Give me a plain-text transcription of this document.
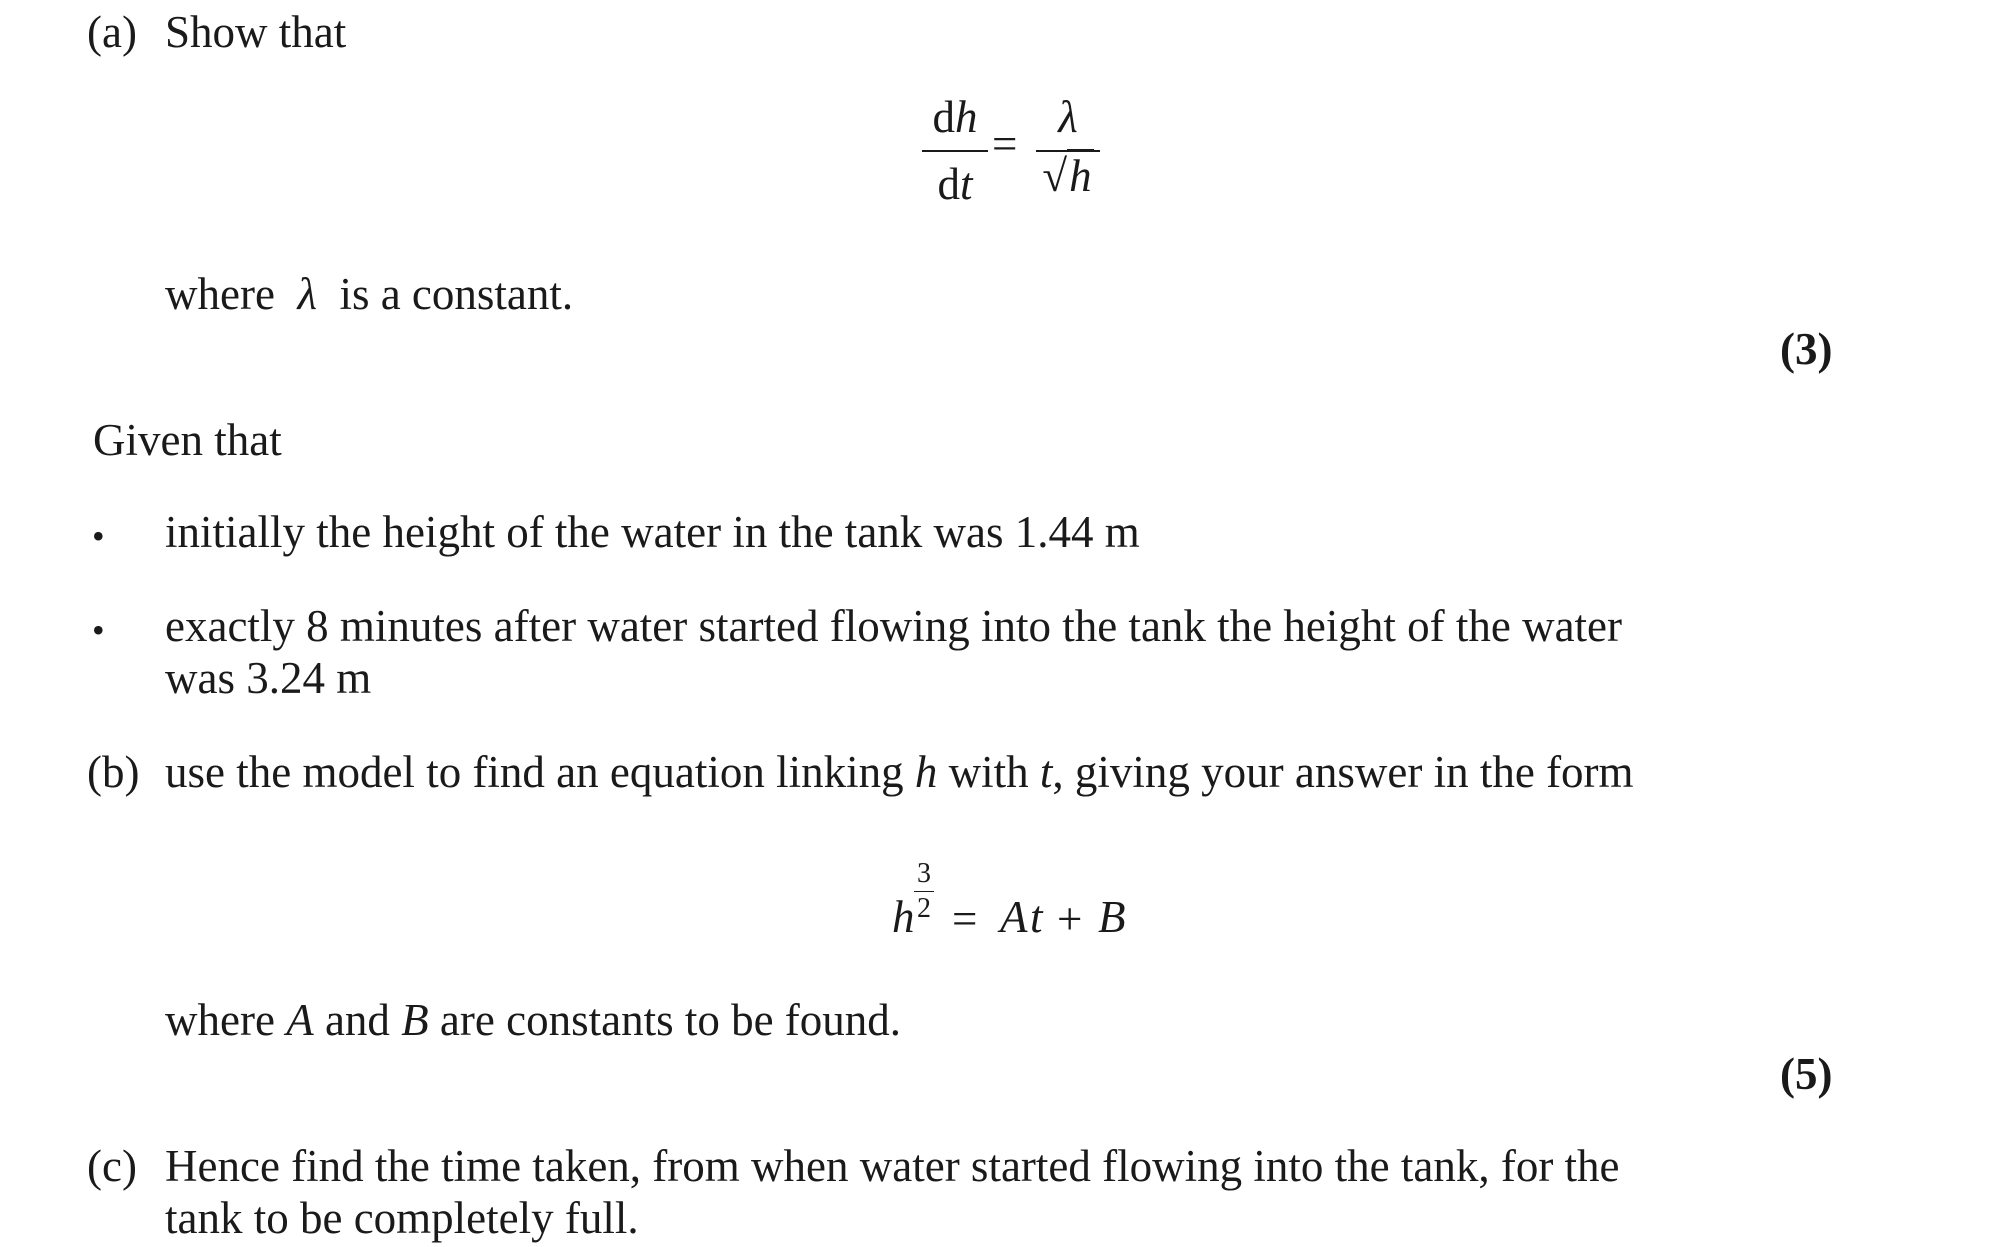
(a) Show that
dh
dt
=
λ
√h
where λ is a constant.
(3)
Given that
• initially the height of the water in the tank was 1.44 m
• exactly 8 minutes after water started flowing into the tank the height of the water
was 3.24 m
(b) use the model to find an equation linking h with t, giving your answer in the form
h
3
2 = A t + B
where A and B are constants to be found.
(5)
(c) Hence find the time taken, from when water started flowing into the tank, for the
tank to be completely full.
